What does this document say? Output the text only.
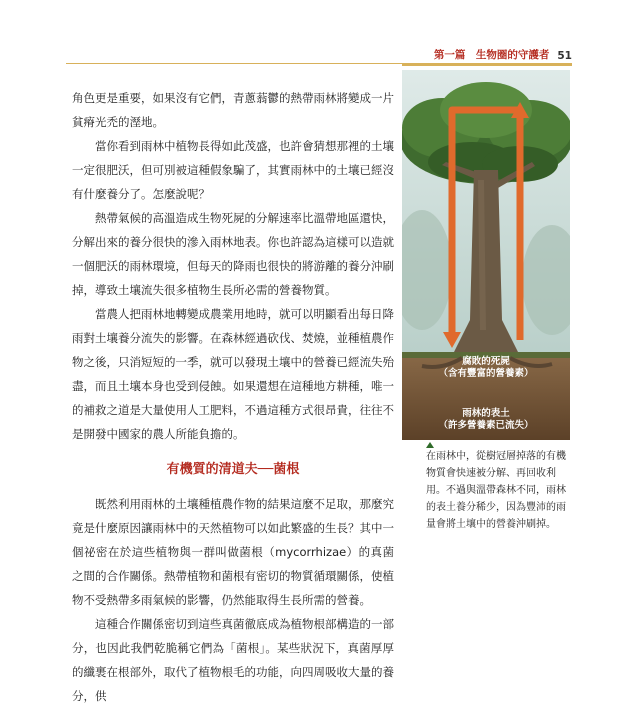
第一篇　生物圈的守護者 51

角色更是重要，如果沒有它們，青蔥蓊鬱的熱帶雨林將變成一片貧瘠光禿的溼地。

當你看到雨林中植物長得如此茂盛，也許會猜想那裡的土壤一定很肥沃，但可別被這種假象騙了，其實雨林中的土壤已經沒有什麼養分了。怎麼說呢？

熱帶氣候的高溫造成生物死屍的分解速率比溫帶地區還快，分解出來的養分很快的滲入雨林地表。你也許認為這樣可以造就一個肥沃的雨林環境，但每天的降雨也很快的將游離的養分沖刷掉，導致土壤流失很多植物生長所必需的營養物質。

當農人把雨林地轉變成農業用地時，就可以明顯看出每日降雨對土壤養分流失的影響。在森林經過砍伐、焚燒，並種植農作物之後，只消短短的一季，就可以發現土壤中的營養已經流失殆盡，而且土壤本身也受到侵蝕。如果還想在這種地方耕種，唯一的補救之道是大量使用人工肥料，不過這種方式很昂貴，往往不是開發中國家的農人所能負擔的。

有機質的清道夫──菌根

既然利用雨林的土壤種植農作物的結果這麼不足取，那麼究竟是什麼原因讓雨林中的天然植物可以如此繁盛的生長？其中一個祕密在於這些植物與一群叫做菌根（mycorrhizae）的真菌之間的合作關係。熱帶植物和菌根有密切的物質循環關係，使植物不受熱帶多雨氣候的影響，仍然能取得生長所需的營養。

這種合作關係密切到這些真菌徹底成為植物根部構造的一部分，也因此我們乾脆稱它們為「菌根」。某些狀況下，真菌厚厚的纖裹在根部外，取代了植物根毛的功能，向四周吸收大量的養分，供

腐敗的死屍
（含有豐富的營養素）
雨林的表土
（許多營養素已流失）
在雨林中，從樹冠層掉落的有機物質會快速被分解、再回收利用。不過與溫帶森林不同，雨林的表土養分稀少，因為豐沛的雨量會將土壤中的營養沖刷掉。
